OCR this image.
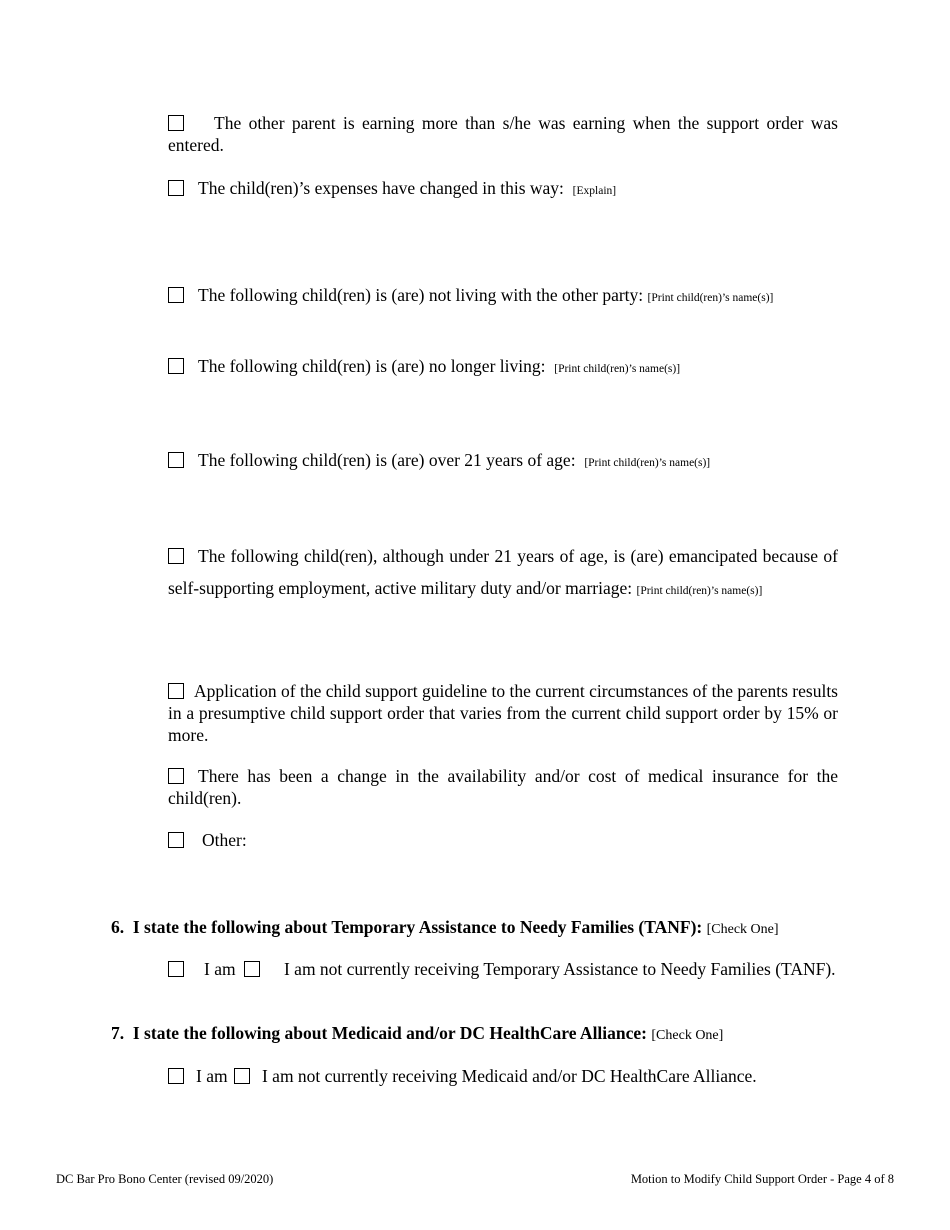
The other parent is earning more than s/he was earning when the support order was entered.
The child(ren)’s expenses have changed in this way: [Explain]
The following child(ren) is (are) not living with the other party: [Print child(ren)’s name(s)]
The following child(ren) is (are) no longer living: [Print child(ren)’s name(s)]
The following child(ren) is (are) over 21 years of age: [Print child(ren)’s name(s)]
The following child(ren), although under 21 years of age, is (are) emancipated because of self-supporting employment, active military duty and/or marriage: [Print child(ren)’s name(s)]
Application of the child support guideline to the current circumstances of the parents results in a presumptive child support order that varies from the current child support order by 15% or more.
There has been a change in the availability and/or cost of medical insurance for the child(ren).
Other:
6. I state the following about Temporary Assistance to Needy Families (TANF): [Check One]
I am	I am not currently receiving Temporary Assistance to Needy Families (TANF).
7. I state the following about Medicaid and/or DC HealthCare Alliance: [Check One]
I am I am not currently receiving Medicaid and/or DC HealthCare Alliance.
DC Bar Pro Bono Center (revised 09/2020)	Motion to Modify Child Support Order - Page 4 of 8
